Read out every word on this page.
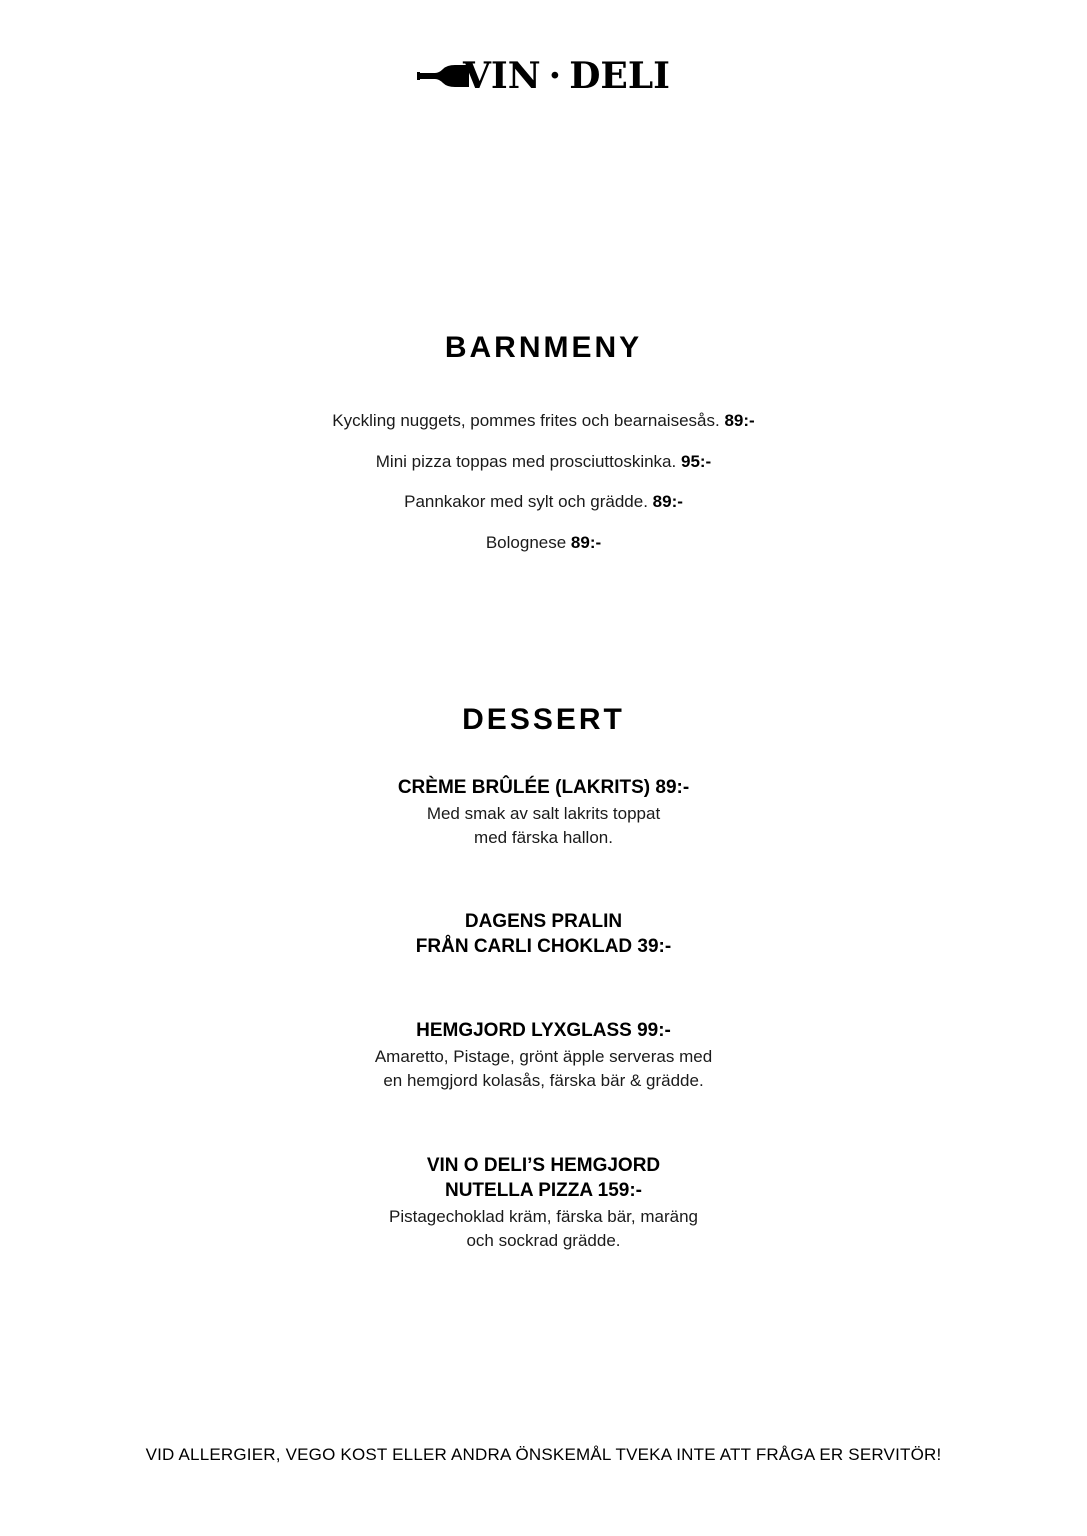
VIN · DELI
BARNMENY
Kyckling nuggets, pommes frites och bearnaisesås. 89:-
Mini pizza toppas med prosciuttoskinka. 95:-
Pannkakor med sylt och grädde. 89:-
Bolognese 89:-
DESSERT
CRÈME BRÛLÉE (LAKRITS) 89:-
Med smak av salt lakrits toppat
med färska hallon.
DAGENS PRALIN
FRÅN CARLI CHOKLAD 39:-
HEMGJORD LYXGLASS 99:-
Amaretto, Pistage, grönt äpple serveras med
en hemgjord kolasås, färska bär & grädde.
VIN O DELI’S HEMGJORD
NUTELLA PIZZA 159:-
Pistagechoklad kräm, färska bär, maräng
och sockrad grädde.
VID ALLERGIER, VEGO KOST ELLER ANDRA ÖNSKEMÅL TVEKA INTE ATT FRÅGA ER SERVITÖR!
